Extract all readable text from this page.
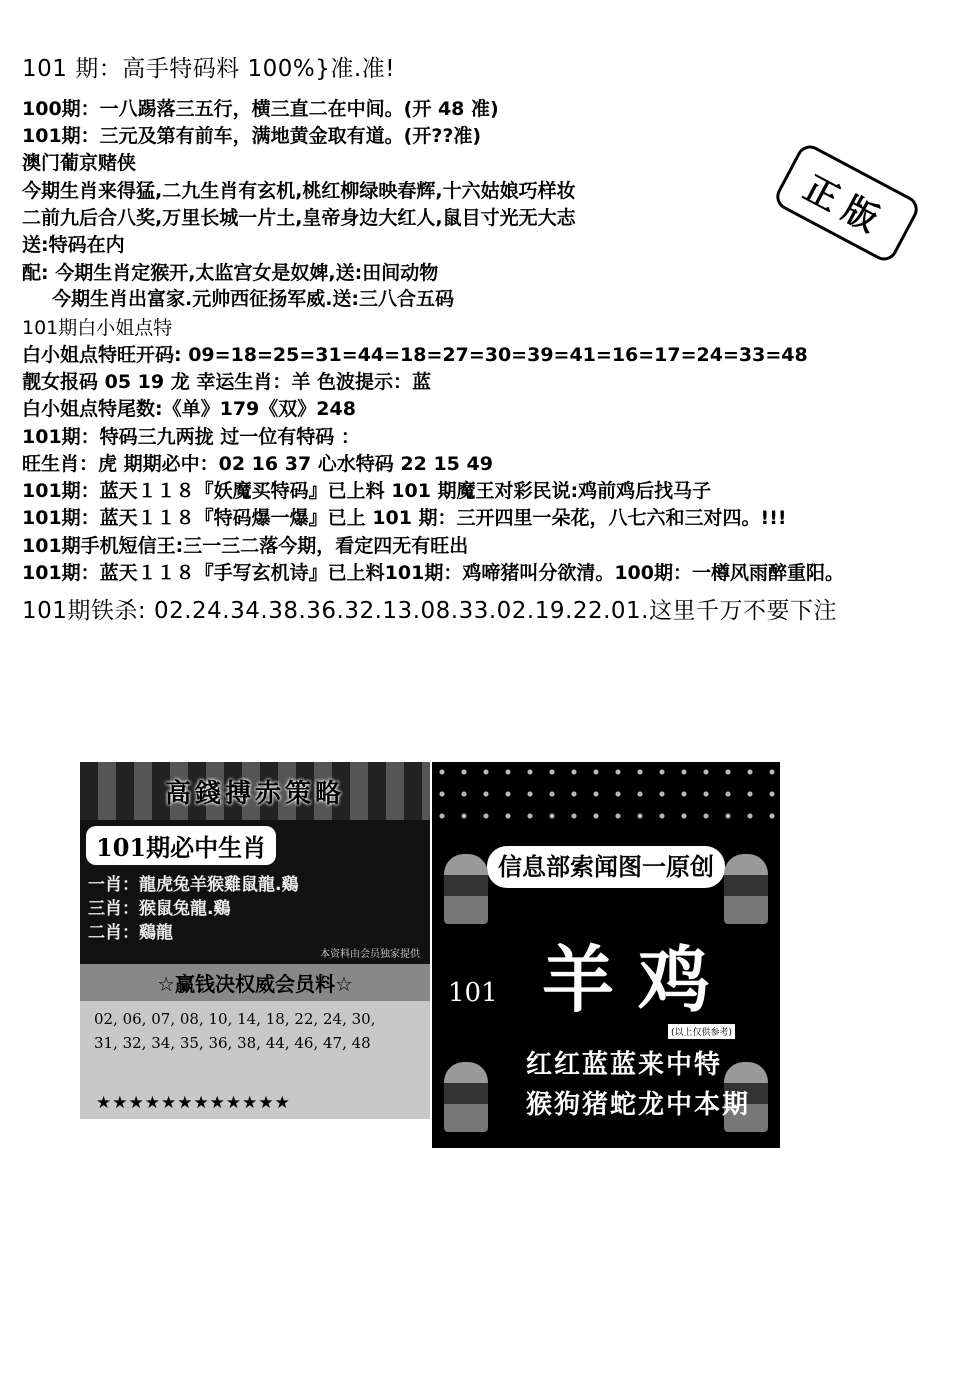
101 期：高手特码料 100%}准.准!
100期：一八踢落三五行，横三直二在中间。(开 48 准)
101期：三元及第有前车，满地黄金取有道。(开??准)
澳门葡京赌侠
今期生肖来得猛,二九生肖有玄机,桃红柳绿映春辉,十六姑娘巧样妆
二前九后合八奖,万里长城一片土,皇帝身边大红人,鼠目寸光无大志
送:特码在内
配: 今期生肖定猴开,太监宫女是奴婢,送:田间动物
今期生肖出富家.元帅西征扬军威.送:三八合五码
101期白小姐点特
白小姐点特旺开码: 09=18=25=31=44=18=27=30=39=41=16=17=24=33=48
靓女报码 05 19 龙 幸运生肖：羊 色波提示：蓝
白小姐点特尾数:《单》179《双》248
101期：特码三九两拢 过一位有特码 ：
旺生肖：虎 期期必中：02 16 37 心水特码 22 15 49
101期：蓝天１１８『妖魔买特码』已上料 101 期魔王对彩民说:鸡前鸡后找马子
101期：蓝天１１８『特码爆一爆』已上 101 期：三开四里一朵花，八七六和三对四。!!!
101期手机短信王:三一三二落今期，看定四无有旺出
101期：蓝天１１８『手写玄机诗』已上料101期：鸡啼猪叫分欲清。100期：一樽风雨醉重阳。
101期铁杀: 02.24.34.38.36.32.13.08.33.02.19.22.01.这里千万不要下注
正版
高錢搏赤策略
101期必中生肖
一肖：龍虎兔羊猴雞鼠龍.鷄
三肖：猴鼠兔龍.鷄
二肖：鷄龍
本资料由会员独家提供
☆赢钱决权威会员料☆
02, 06, 07, 08, 10, 14, 18, 22, 24, 30,
31, 32, 34, 35, 36, 38, 44, 46, 47, 48
★★★★★★★★★★★★
信息部索闻图一原创
101 羊鸡
(以上仅供参考)
红红蓝蓝来中特
猴狗猪蛇龙中本期
